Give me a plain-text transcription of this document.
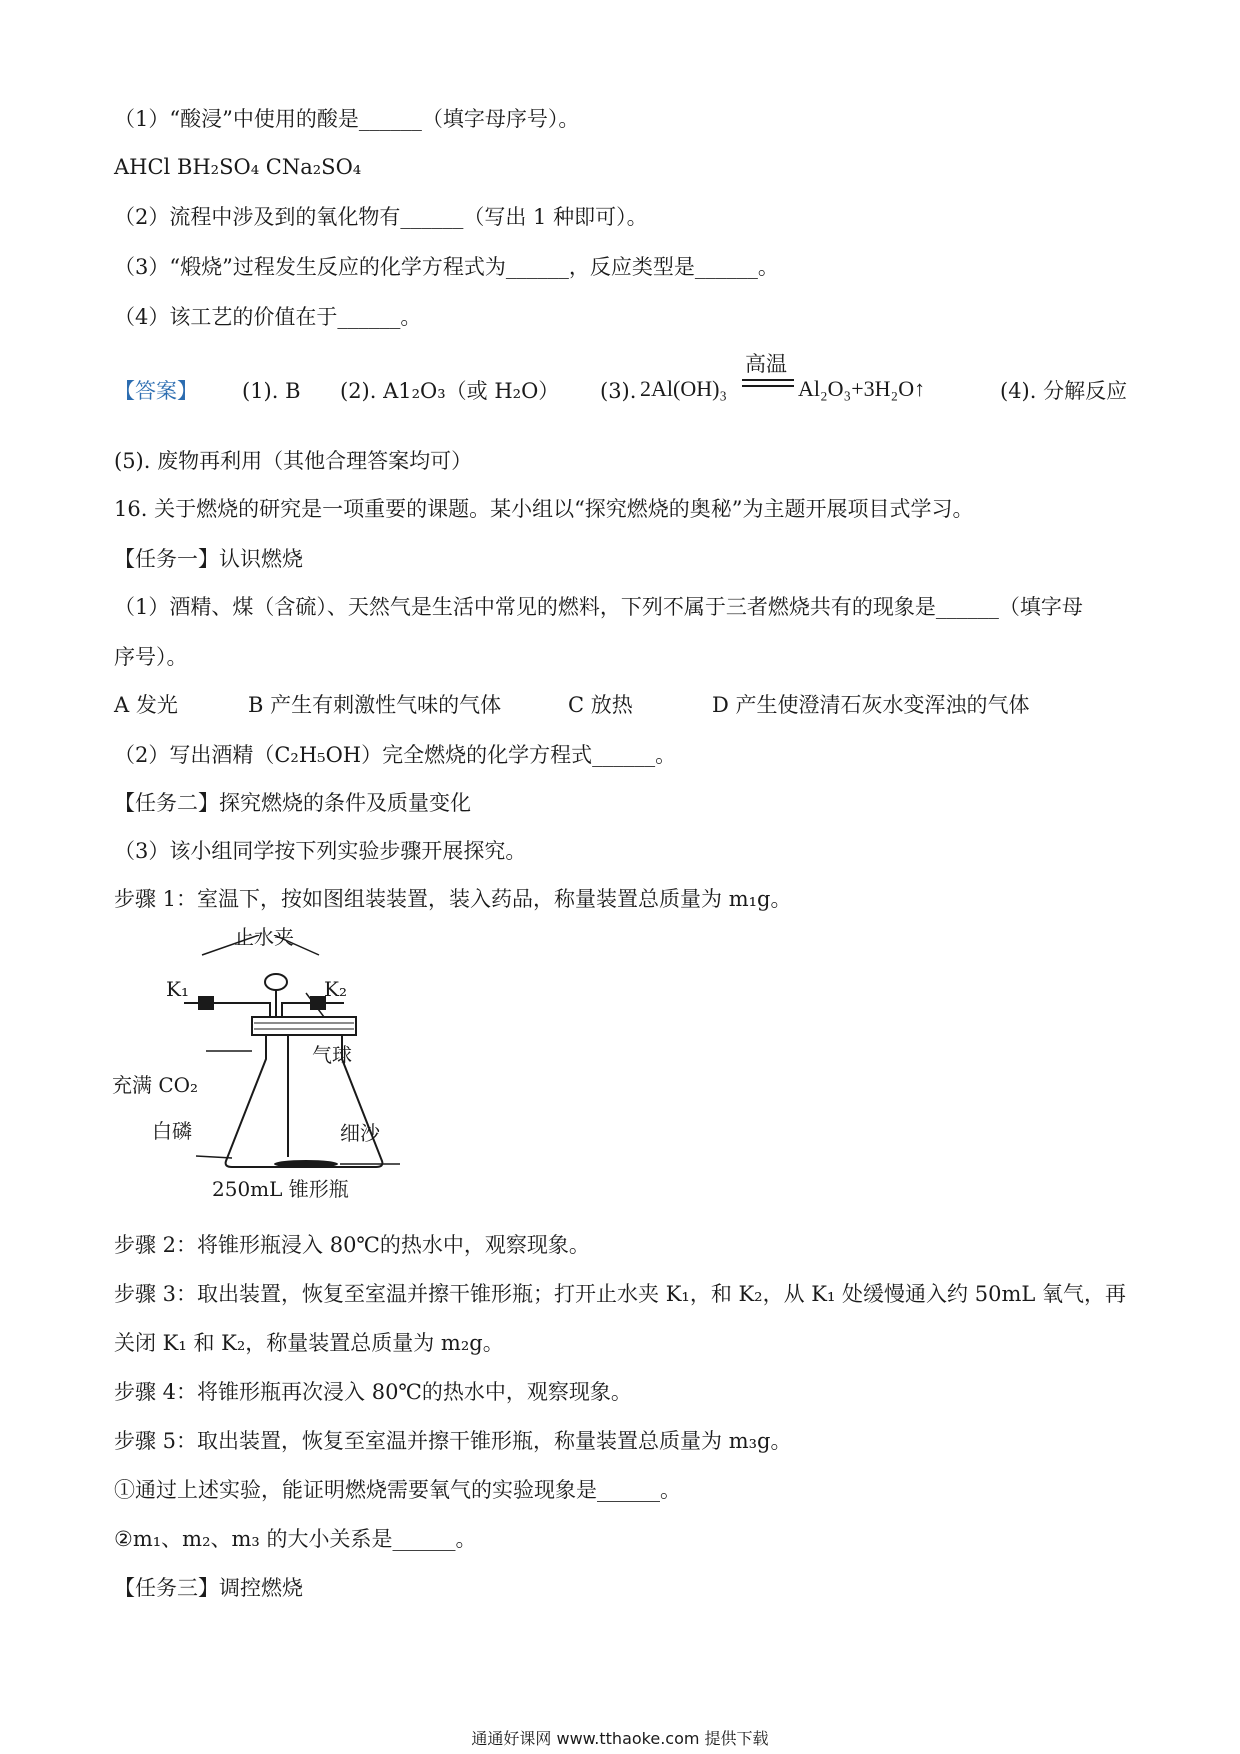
（1）“酸浸”中使用的酸是______（填字母序号）。
AHCl BH₂SO₄ CNa₂SO₄
（2）流程中涉及到的氧化物有______（写出 1 种即可）。
（3）“煅烧”过程发生反应的化学方程式为______，反应类型是______。
（4）该工艺的价值在于______。
【答案】 (1). B (2). A1₂O₃（或 H₂O） (3).	(4). 分解反应
高温
2Al(OH)₃	Al₂O₃+3H₂O↑
(5). 废物再利用（其他合理答案均可）
16. 关于燃烧的研究是一项重要的课题。某小组以“探究燃烧的奥秘”为主题开展项目式学习。
【任务一】认识燃烧
（1）酒精、煤（含硫）、天然气是生活中常见的燃料，下列不属于三者燃烧共有的现象是______（填字母
序号）。
A 发光	B 产生有刺激性气味的气体	C 放热	D 产生使澄清石灰水变浑浊的气体
（2）写出酒精（C₂H₅OH）完全燃烧的化学方程式______。
【任务二】探究燃烧的条件及质量变化
（3）该小组同学按下列实验步骤开展探究。
步骤 1：室温下，按如图组装装置，装入药品，称量装置总质量为 m₁g。
止水夹
K₁	K₂
气球
充满 CO₂
白磷	细沙
250mL 锥形瓶
步骤 2：将锥形瓶浸入 80℃的热水中，观察现象。
步骤 3：取出装置，恢复至室温并擦干锥形瓶；打开止水夹 K₁，和 K₂，从 K₁ 处缓慢通入约 50mL 氧气，再
关闭 K₁ 和 K₂，称量装置总质量为 m₂g。
步骤 4：将锥形瓶再次浸入 80℃的热水中，观察现象。
步骤 5：取出装置，恢复至室温并擦干锥形瓶，称量装置总质量为 m₃g。
①通过上述实验，能证明燃烧需要氧气的实验现象是______。
②m₁、m₂、m₃ 的大小关系是______。
【任务三】调控燃烧
通通好课网 www.tthaoke.com 提供下载
